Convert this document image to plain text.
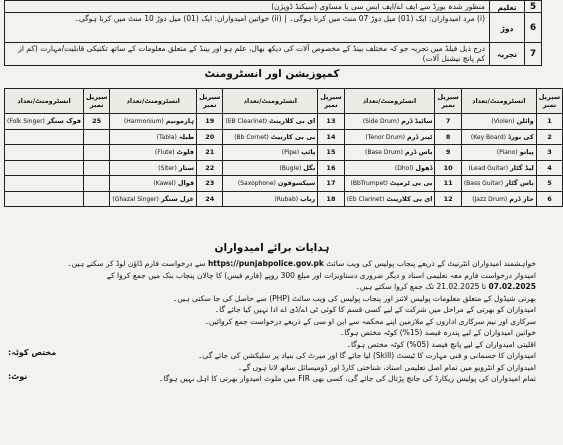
5
تعلیم
منظور شدہ بورڈ سے ایف اے/ایف ایس سی یا مساوی (سیکنڈ ڈویژن)
6
دوڑ
(i) مرد امیدواران: ایک (01) میل دوڑ 07 منٹ میں کرنا ہوگی۔ | (ii) خواتین امیدواران: ایک (01) میل دوڑ 10 منٹ میں کرنا ہوگی۔
7
تجربہ
درج ذیل فیلڈ میں تجربہ جو کہ مختلف بینڈ کے مخصوص آلات کی دیکھ بھال، علم ہو اور بینڈ کے متعلق معلومات کے ساتھ تکنیکی قابلیت/مہارت (کم از کم پانچ نیشنل آلات)
کمپوزیشن اور انسٹرومنٹ
سیریل نمبر	انسٹرومنٹ/تعداد	سیریل نمبر	انسٹرومنٹ/تعداد	سیریل نمبر	انسٹرومنٹ/تعداد	سیریل نمبر	انسٹرومنٹ/تعداد	سیریل نمبر	انسٹرومنٹ/تعداد
1	وائلن(Violen)	7	سائیڈ ڈرم(Side Drum)	13	ای بی کلارینٹ(EB Clearinet)	19	ہارمونیم(Harmonium)	25	فوک سنگر(Folk Singer)
2	کی بورڈ(Key Board)	8	ٹینر ڈرم(Tenor Drum)	14	بی بی کارنیٹ(Bb Cornet)	20	طبلہ(Tabla)		
3	پیانو(Piano)	9	باس ڈرم(Base Drum)	15	پائپ(Pipe)	21	فلوٹ(Flute)		
4	لیڈ گٹار(Lead Guitar)	10	ڈھول(Dhol)	16	بگل(Bugle)	22	ستار(Siter)		
5	باس گٹار(Bass Guitar)	11	بی بی ٹرمپٹ(BbTrumpet)	17	سیکسوفون(Saxophone)	23	قوال(Kawal)		
6	جاز ڈرم(Jazz Drum)	12	ای بی کلارینٹ(Eb Clarinet)	18	رباب(Rubab)	24	غزل سنگر(Ghazal Singer)		
ہدایات برائے امیدواران
خواہشمند امیدواران انٹرنیٹ کے ذریعے پنجاب پولیس کی ویب سائٹ https://punjabpolice.gov.pk سے درخواست فارم ڈاؤن لوڈ کر سکتے ہیں۔
امیدوار درخواست فارم معہ تعلیمی اسناد و دیگر ضروری دستاویزات اور مبلغ 300 روپے (فارم فیس) کا چالان پنجاب بنک میں جمع کروا کے 07.02.2025 تا 21.02.2025 تک جمع کروا سکتے ہیں۔
بھرتی شیڈول کے متعلق معلومات پولیس لائنز اور پنجاب پولیس کی ویب سائٹ (PHP) سے حاصل کی جا سکتی ہیں۔
امیدواران کو بھرتی کے مراحل میں شرکت کے لیے کسی قسم کا کوئی ٹی اے/ڈی اے ادا نہیں کیا جائے گا۔
سرکاری اور نیم سرکاری اداروں کے ملازمین اپنے محکمہ سے این او سی کے ذریعے درخواست جمع کروائیں۔
خواتین امیدواران کے لیے پندرہ فیصد (15%) کوٹہ مختص ہوگا۔
اقلیتی امیدواران کے لیے پانچ فیصد (05%) کوٹہ مختص ہوگا۔
امیدواران کا جسمانی و فنی مہارت کا ٹیسٹ (Skill) لیا جائے گا اور میرٹ کی بنیاد پر سلیکشن کی جائے گی۔
امیدواران کو انٹرویو میں تمام اصل تعلیمی اسناد، شناختی کارڈ اور ڈومیسائل ساتھ لانا ہوں گے۔
تمام امیدواران کی پولیس ریکارڈ کی جانچ پڑتال کی جائے گی، کسی بھی FIR میں ملوث امیدوار بھرتی کا اہل نہیں ہوگا۔
مختص کوٹہ:
نوٹ:
